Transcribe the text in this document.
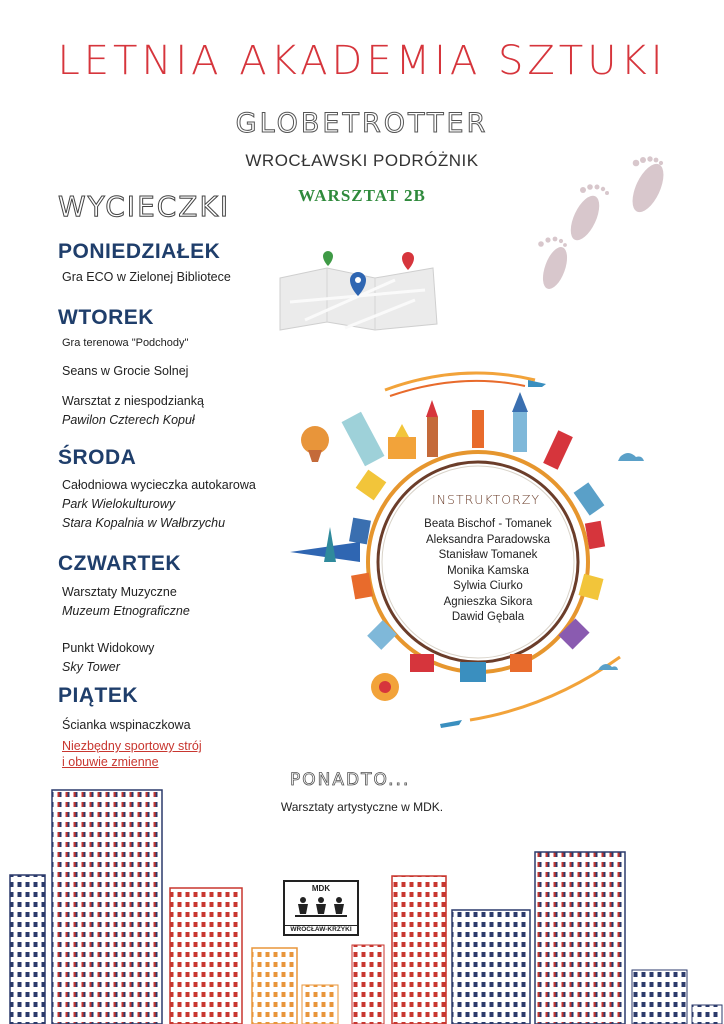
LETNIA AKADEMIA SZTUKI
GLOBETROTTER
WROCŁAWSKI PODRÓŻNIK
WARSZTAT 2B
WYCIECZKI
PONIEDZIAŁEK
Gra ECO w Zielonej Bibliotece
WTOREK
Gra terenowa "Podchody"
Seans w Grocie Solnej
Warsztat z niespodzianką
Pawilon Czterech Kopuł
ŚRODA
Całodniowa wycieczka autokarowa
Park Wielokulturowy
Stara Kopalnia w Wałbrzychu
CZWARTEK
Warsztaty Muzyczne
Muzeum Etnograficzne
Punkt Widokowy
Sky Tower
PIĄTEK
Ścianka wspinaczkowa
Niezbędny sportowy strój
i obuwie zmienne
INSTRUKTORZY
Beata Bischof - Tomanek
Aleksandra Paradowska
Stanisław Tomanek
Monika Kamska
Sylwia Ciurko
Agnieszka Sikora
Dawid Gębala
PONADTO...
Warsztaty artystyczne w MDK.
MDK
WROCŁAW-KRZYKI
